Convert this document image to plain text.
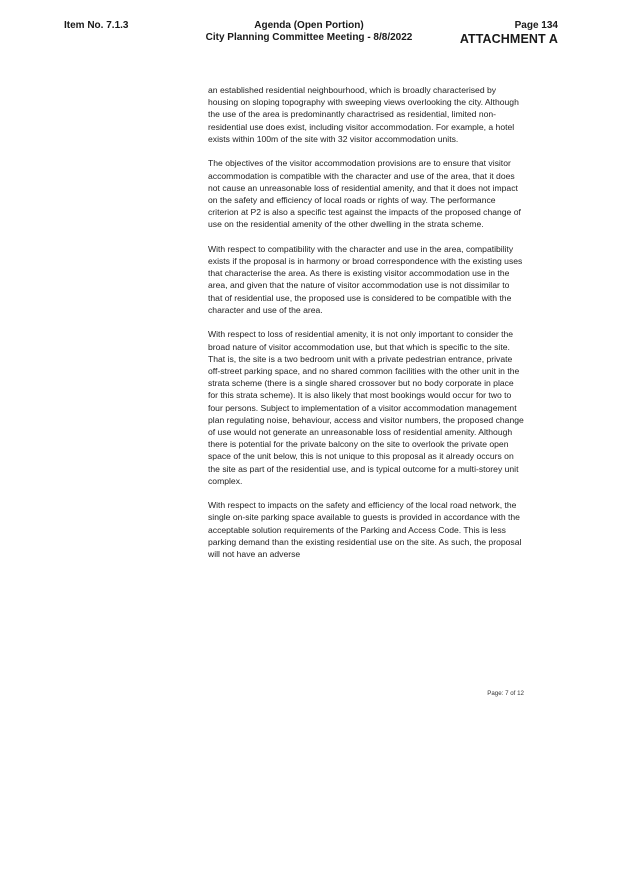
Item No. 7.1.3	Agenda (Open Portion)
City Planning Committee Meeting - 8/8/2022
Page 134
ATTACHMENT A

an established residential neighbourhood, which is broadly characterised by housing on sloping topography with sweeping views overlooking the city. Although the use of the area is predominantly charactrised as residential, limited non-residential use does exist, including visitor accommodation. For example, a hotel exists within 100m of the site with 32 visitor accommodation units.

The objectives of the visitor accommodation provisions are to ensure that visitor accommodation is compatible with the character and use of the area, that it does not cause an unreasonable loss of residential amenity, and that it does not impact on the safety and efficiency of local roads or rights of way. The performance criterion at P2 is also a specific test against the impacts of the proposed change of use on the residential amenity of the other dwelling in the strata scheme.

With respect to compatibility with the character and use in the area, compatibility exists if the proposal is in harmony or broad correspondence with the existing uses that characterise the area. As there is existing visitor accommodation use in the area, and given that the nature of visitor accommodation use is not dissimilar to that of residential use, the proposed use is considered to be compatible with the character and use of the area.

With respect to loss of residential amenity, it is not only important to consider the broad nature of visitor accommodation use, but that which is specific to the site. That is, the site is a two bedroom unit with a private pedestrian entrance, private off-street parking space, and no shared common facilities with the other unit in the strata scheme (there is a single shared crossover but no body corporate in place for this strata scheme). It is also likely that most bookings would occur for two to four persons. Subject to implementation of a visitor accommodation management plan regulating noise, behaviour, access and visitor numbers, the proposed change of use would not generate an unreasonable loss of residential amenity. Although there is potential for the private balcony on the site to overlook the private open space of the unit below, this is not unique to this proposal as it already occurs on the site as part of the residential use, and is typical outcome for a multi-storey unit complex.

With respect to impacts on the safety and efficiency of the local road network, the single on-site parking space available to guests is provided in accordance with the acceptable solution requirements of the Parking and Access Code. This is less parking demand than the existing residential use on the site. As such, the proposal will not have an adverse

Page: 7 of 12
